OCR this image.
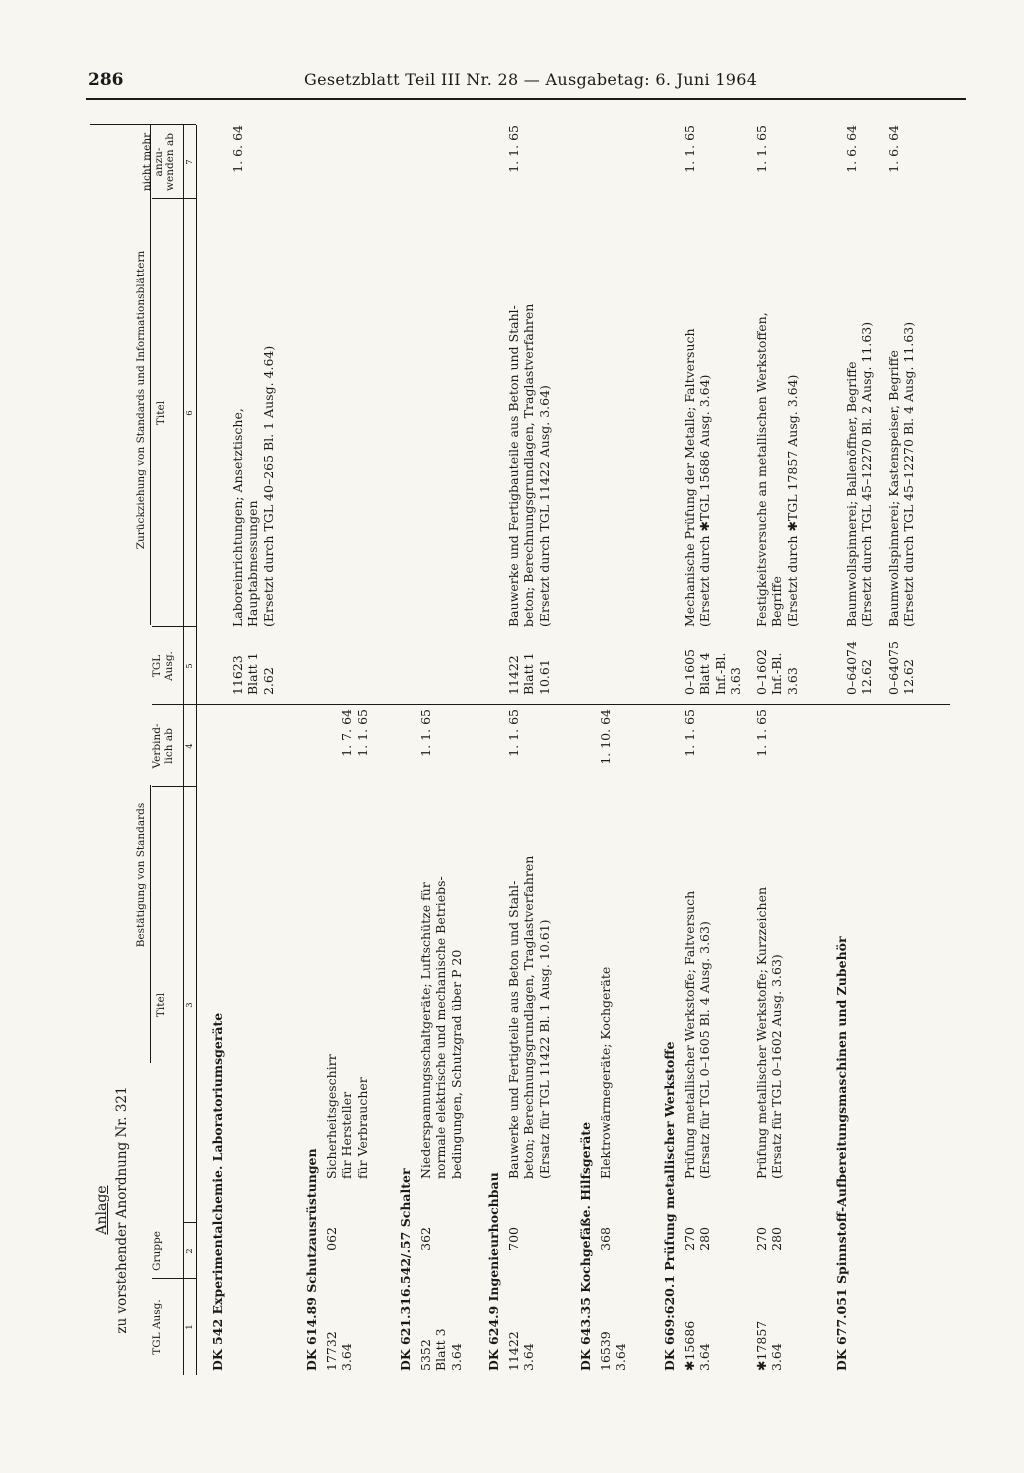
286	Gesetzblatt Teil III Nr. 28 — Ausgabetag: 6. Juni 1964
Anlage zu vorstehender Anordnung Nr. 321
Bestätigung von Standards
Zurückziehung von Standards und Informationsblättern
TGL Ausg.
Gruppe
Titel
Verbind-
lich ab
TGL
Ausg.
Titel
nicht mehr
anzu-
wenden ab
1
2
3
4
5
6
7
DK 542 Experimentalchemie. Laboratoriumsgeräte
11623
Blatt 1
2.62
Laboreinrichtungen; Ansetztische,
Hauptabmessungen
(Ersetzt durch TGL 40–265 Bl. 1 Ausg. 4.64)
1. 6. 64
DK 614.89 Schutzausrüstungen 17732
3.64
062
Sicherheitsgeschirr
für Hersteller
für Verbraucher

1. 7. 64
1. 1. 65
DK 621.316.542/.57 Schalter 5352
Blatt 3
3.64
362
Niederspannungsschaltgeräte; Luftschütze für
normale elektrische und mechanische Betriebs-
bedingungen, Schutzgrad über P 20
1. 1. 65
DK 624.9 Ingenieurhochbau 11422
3.64
700
Bauwerke und Fertigteile aus Beton und Stahl-
beton; Berechnungsgrundlagen, Traglastverfahren
(Ersatz für TGL 11422 Bl. 1 Ausg. 10.61)
1. 1. 65
11422
Blatt 1
10.61
Bauwerke und Fertigbauteile aus Beton und Stahl-
beton; Berechnungsgrundlagen, Traglastverfahren
(Ersetzt durch TGL 11422 Ausg. 3.64)
1. 1. 65
DK 643.35 Kochgefäße. Hilfsgeräte 16539
3.64
368
Elektrowärmegeräte; Kochgeräte
1. 10. 64
DK 669:620.1 Prüfung metallischer Werkstoffe ✱15686
3.64
270
280
Prüfung metallischer Werkstoffe; Faltversuch
(Ersatz für TGL 0–1605 Bl. 4 Ausg. 3.63)
1. 1. 65
0–1605
Blatt 4
Inf.-Bl.
3.63
Mechanische Prüfung der Metalle; Faltversuch
(Ersetzt durch ✱TGL 15686 Ausg. 3.64)
1. 1. 65
✱17857
3.64
270
280
Prüfung metallischer Werkstoffe; Kurzzeichen
(Ersatz für TGL 0–1602 Ausg. 3.63)
1. 1. 65
0–1602
Inf.-Bl.
3.63
Festigkeitsversuche an metallischen Werkstoffen,
Begriffe
(Ersetzt durch ✱TGL 17857 Ausg. 3.64)
1. 1. 65
DK 677.051 Spinnstoff-Aufbereitungsmaschinen und Zubehör
0–64074
12.62
Baumwollspinnerei; Ballenöffner, Begriffe
(Ersetzt durch TGL 45–12270 Bl. 2 Ausg. 11.63)
1. 6. 64
0–64075
12.62
Baumwollspinnerei; Kastenspeiser, Begriffe
(Ersetzt durch TGL 45–12270 Bl. 4 Ausg. 11.63)
1. 6. 64
